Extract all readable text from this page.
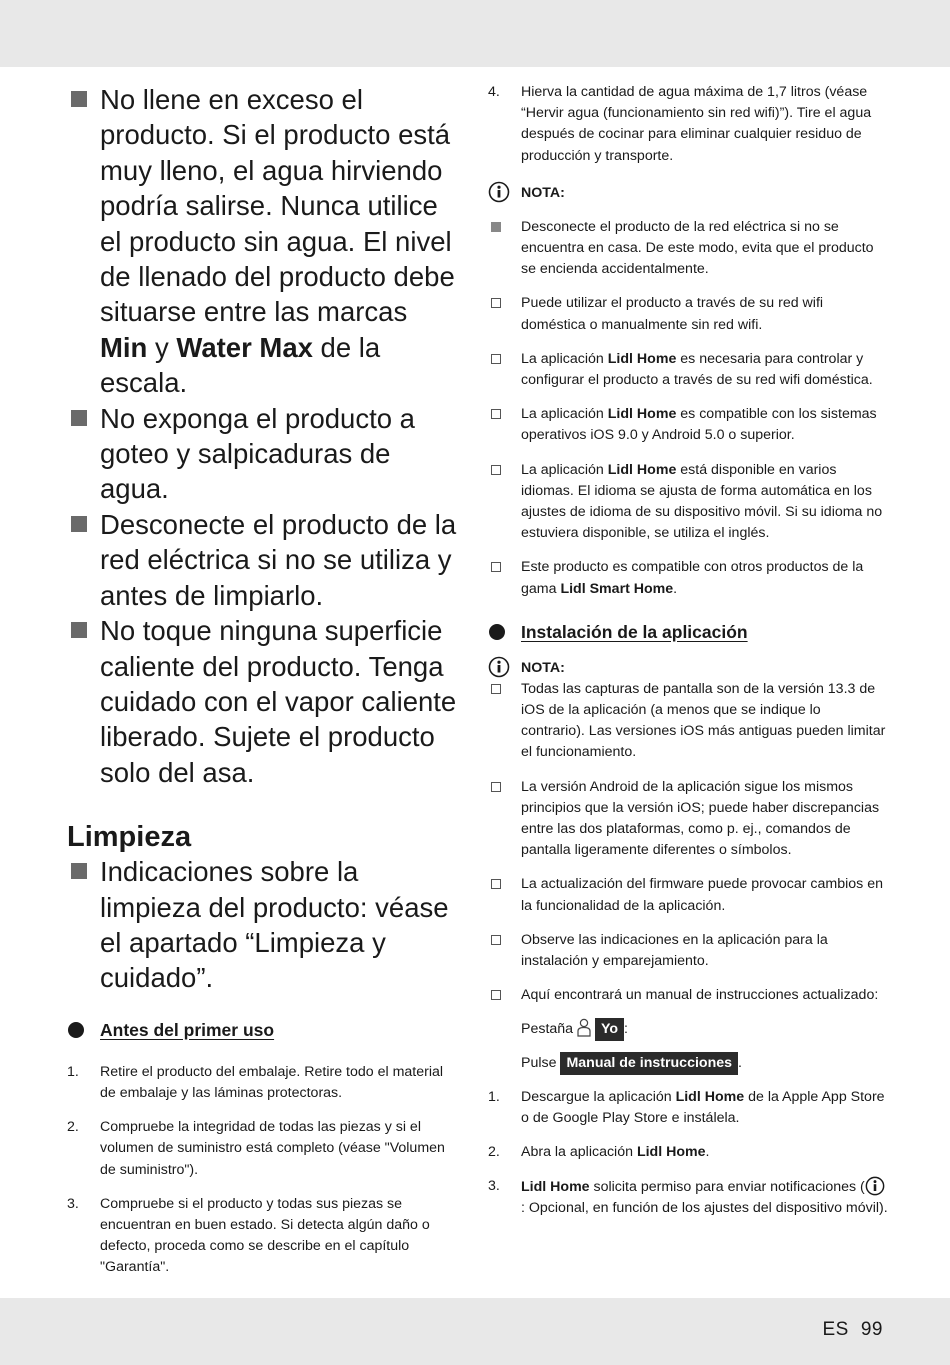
No llene en exceso el producto. Si el producto está muy lleno, el agua hirviendo podría salirse. Nunca utilice el producto sin agua. El nivel de llenado del producto debe situarse entre las marcas Min y Water Max de la escala.
No exponga el producto a goteo y salpicaduras de agua.
Desconecte el producto de la red eléctrica si no se utiliza y antes de limpiarlo.
No toque ninguna superficie caliente del producto. Tenga cuidado con el vapor caliente liberado. Sujete el producto solo del asa.
Limpieza
Indicaciones sobre la limpieza del producto: véase el apartado “Limpieza y cuidado”.
Antes del primer uso
1. Retire el producto del embalaje. Retire todo el material de embalaje y las láminas protectoras.
2. Compruebe la integridad de todas las piezas y si el volumen de suministro está completo (véase "Volumen de suministro").
3. Compruebe si el producto y todas sus piezas se encuentran en buen estado. Si detecta algún daño o defecto, proceda como se describe en el capítulo "Garantía".
4. Hierva la cantidad de agua máxima de 1,7 litros (véase “Hervir agua (funcionamiento sin red wifi)”). Tire el agua después de cocinar para eliminar cualquier residuo de producción y transporte.
NOTA:
Desconecte el producto de la red eléctrica si no se encuentra en casa. De este modo, evita que el producto se encienda accidentalmente.
Puede utilizar el producto a través de su red wifi doméstica o manualmente sin red wifi.
La aplicación Lidl Home es necesaria para controlar y configurar el producto a través de su red wifi doméstica.
La aplicación Lidl Home es compatible con los sistemas operativos iOS 9.0 y Android 5.0 o superior.
La aplicación Lidl Home está disponible en varios idiomas. El idioma se ajusta de forma automática en los ajustes de idioma de su dispositivo móvil. Si su idioma no estuviera disponible, se utiliza el inglés.
Este producto es compatible con otros productos de la gama Lidl Smart Home.
Instalación de la aplicación
NOTA:
Todas las capturas de pantalla son de la versión 13.3 de iOS de la aplicación (a menos que se indique lo contrario). Las versiones iOS más antiguas pueden limitar el funcionamiento.
La versión Android de la aplicación sigue los mismos principios que la versión iOS; puede haber discrepancias entre las dos plataformas, como p. ej., comandos de pantalla ligeramente diferentes o símbolos.
La actualización del firmware puede provocar cambios en la funcionalidad de la aplicación.
Observe las indicaciones en la aplicación para la instalación y emparejamiento.
Aquí encontrará un manual de instrucciones actualizado:
Pestaña Yo :
Pulse Manual de instrucciones .
1. Descargue la aplicación Lidl Home de la Apple App Store o de Google Play Store e instálela.
2. Abra la aplicación Lidl Home.
3. Lidl Home solicita permiso para enviar notificaciones (: Opcional, en función de los ajustes del dispositivo móvil).
ES 99
